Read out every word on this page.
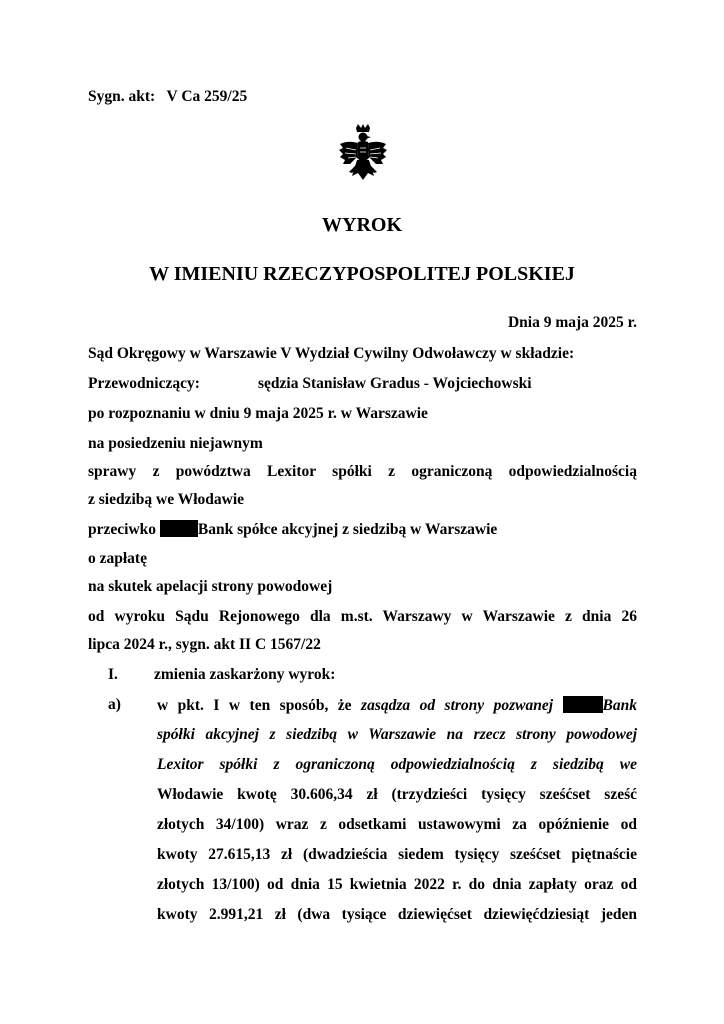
Sygn. akt: V Ca 259/25
WYROK
W IMIENIU RZECZYPOSPOLITEJ POLSKIEJ
Dnia 9 maja 2025 r.
Sąd Okręgowy w Warszawie V Wydział Cywilny Odwoławczy w składzie:
Przewodniczący:	sędzia Stanisław Gradus - Wojciechowski
po rozpoznaniu w dniu 9 maja 2025 r. w Warszawie
na posiedzeniu niejawnym
sprawy z powództwa Lexitor spółki z ograniczoną odpowiedzialnością
z siedzibą we Włodawie
przeciwko	Bank spółce akcyjnej z siedzibą w Warszawie
o zapłatę
na skutek apelacji strony powodowej
od wyroku Sądu Rejonowego dla m.st. Warszawy w Warszawie z dnia 26
lipca 2024 r., sygn. akt II C 1567/22
I. zmienia zaskarżony wyrok:
a) w pkt. I w ten sposób, że zasądza od strony pozwanej	Bank
spółki akcyjnej z siedzibą w Warszawie na rzecz strony powodowej
Lexitor spółki z ograniczoną odpowiedzialnością z siedzibą we
Włodawie kwotę 30.606,34 zł (trzydzieści tysięcy sześćset sześć
złotych 34/100) wraz z odsetkami ustawowymi za opóźnienie od
kwoty 27.615,13 zł (dwadzieścia siedem tysięcy sześćset piętnaście
złotych 13/100) od dnia 15 kwietnia 2022 r. do dnia zapłaty oraz od
kwoty 2.991,21 zł (dwa tysiące dziewięćset dziewięćdziesiąt jeden
